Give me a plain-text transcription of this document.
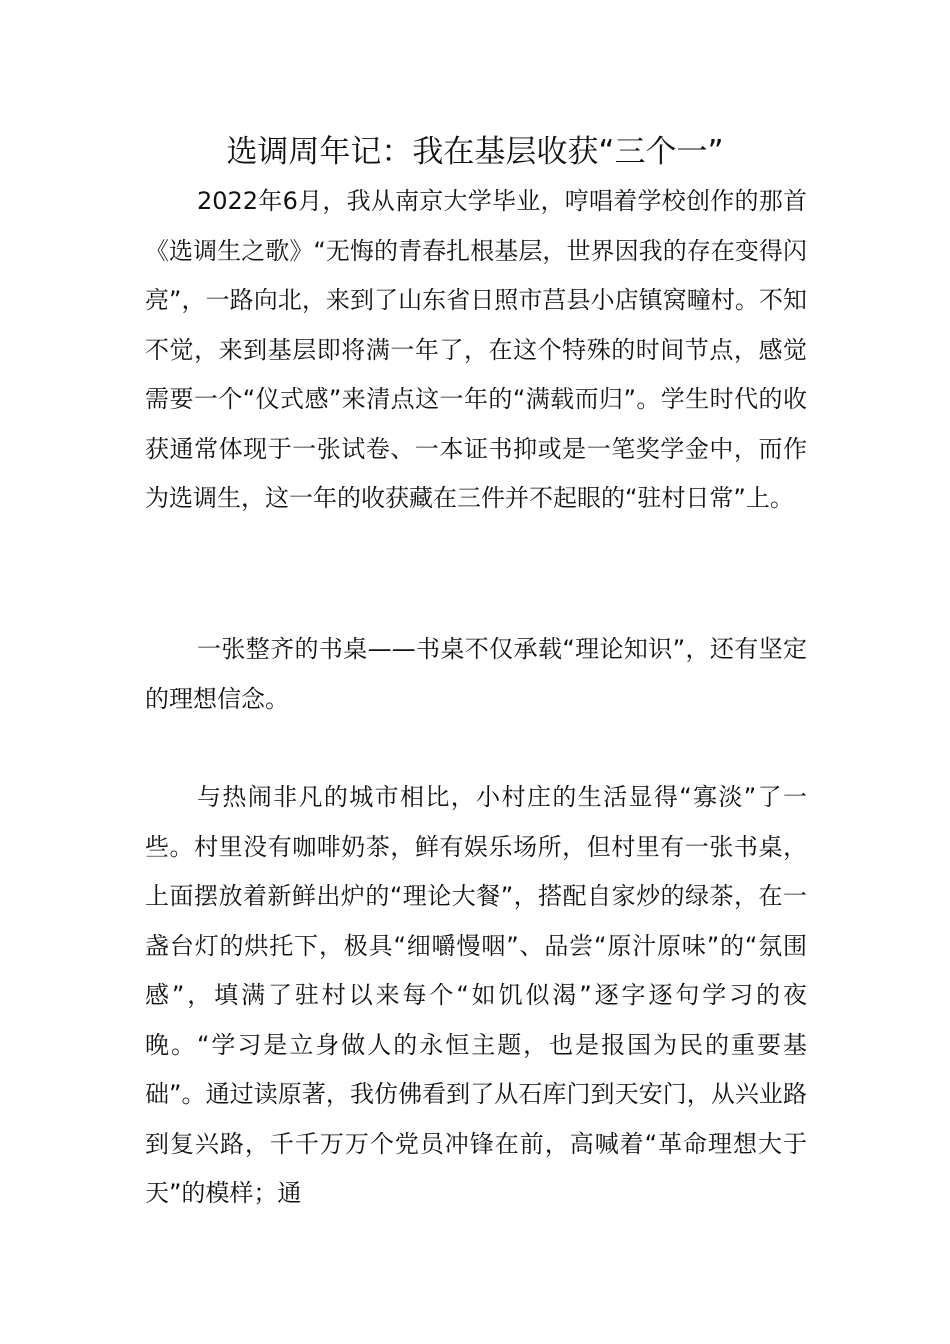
选调周年记：我在基层收获“三个一”

2022年6月，我从南京大学毕业，哼唱着学校创作的那首《选调生之歌》“无悔的青春扎根基层，世界因我的存在变得闪亮”，一路向北，来到了山东省日照市莒县小店镇窝疃村。不知不觉，来到基层即将满一年了，在这个特殊的时间节点，感觉需要一个“仪式感”来清点这一年的“满载而归”。学生时代的收获通常体现于一张试卷、一本证书抑或是一笔奖学金中，而作为选调生，这一年的收获藏在三件并不起眼的“驻村日常”上。

一张整齐的书桌——书桌不仅承载“理论知识”，还有坚定的理想信念。

与热闹非凡的城市相比，小村庄的生活显得“寡淡”了一些。村里没有咖啡奶茶，鲜有娱乐场所，但村里有一张书桌，上面摆放着新鲜出炉的“理论大餐”，搭配自家炒的绿茶，在一盏台灯的烘托下，极具“细嚼慢咽”、品尝“原汁原味”的“氛围感”，填满了驻村以来每个“如饥似渴”逐字逐句学习的夜晚。“学习是立身做人的永恒主题，也是报国为民的重要基础”。通过读原著，我仿佛看到了从石库门到天安门，从兴业路到复兴路，千千万万个党员冲锋在前，高喊着“革命理想大于天”的模样；通
